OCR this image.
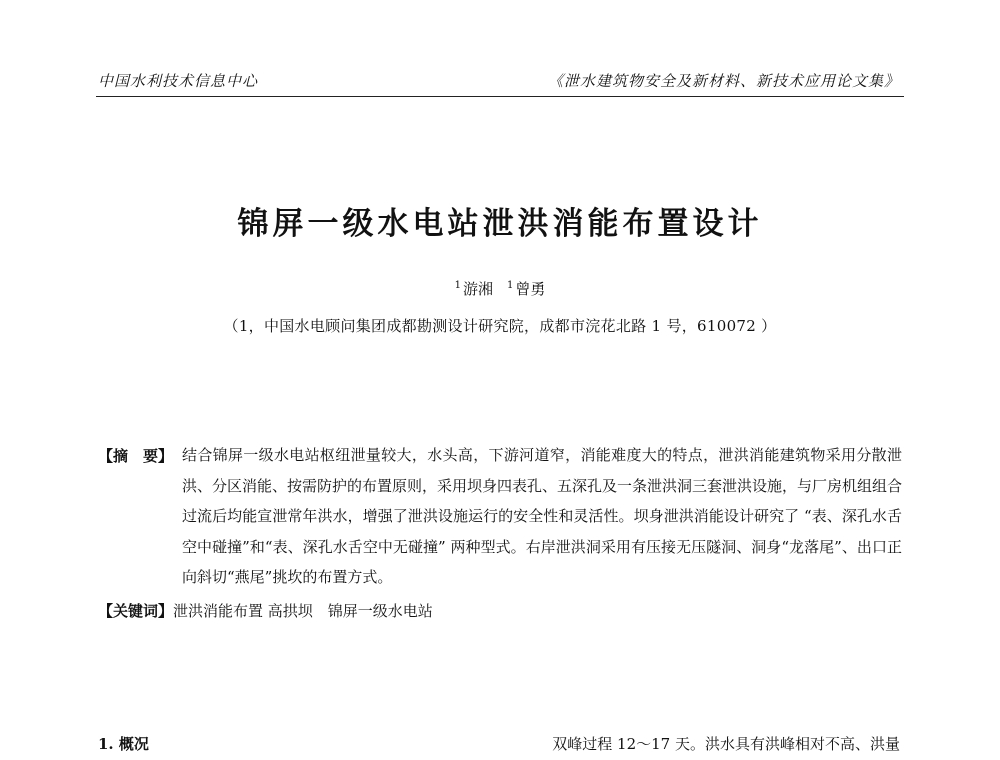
中国水利技术信息中心	《泄水建筑物安全及新材料、新技术应用论文集》
锦屏一级水电站泄洪消能布置设计
$^1$ 游湘 $^1$ 曾勇
（1，中国水电顾问集团成都勘测设计研究院，成都市浣花北路 1 号，610072 ）
【摘　要】 结合锦屏一级水电站枢纽泄量较大，水头高，下游河道窄，消能难度大的特点，泄洪消能建筑物采用分散泄洪、分区消能、按需防护的布置原则，采用坝身四表孔、五深孔及一条泄洪洞三套泄洪设施，与厂房机组组合过流后均能宣泄常年洪水，增强了泄洪设施运行的安全性和灵活性。坝身泄洪消能设计研究了 “表、深孔水舌空中碰撞”和“表、深孔水舌空中无碰撞” 两种型式。右岸泄洪洞采用有压接无压隧洞、洞身“龙落尾”、出口正向斜切“燕尾”挑坎的布置方式。
【关键词】泄洪消能布置 高拱坝　锦屏一级水电站
1. 概况	双峰过程 12～17 天。洪水具有洪峰相对不高、洪量
